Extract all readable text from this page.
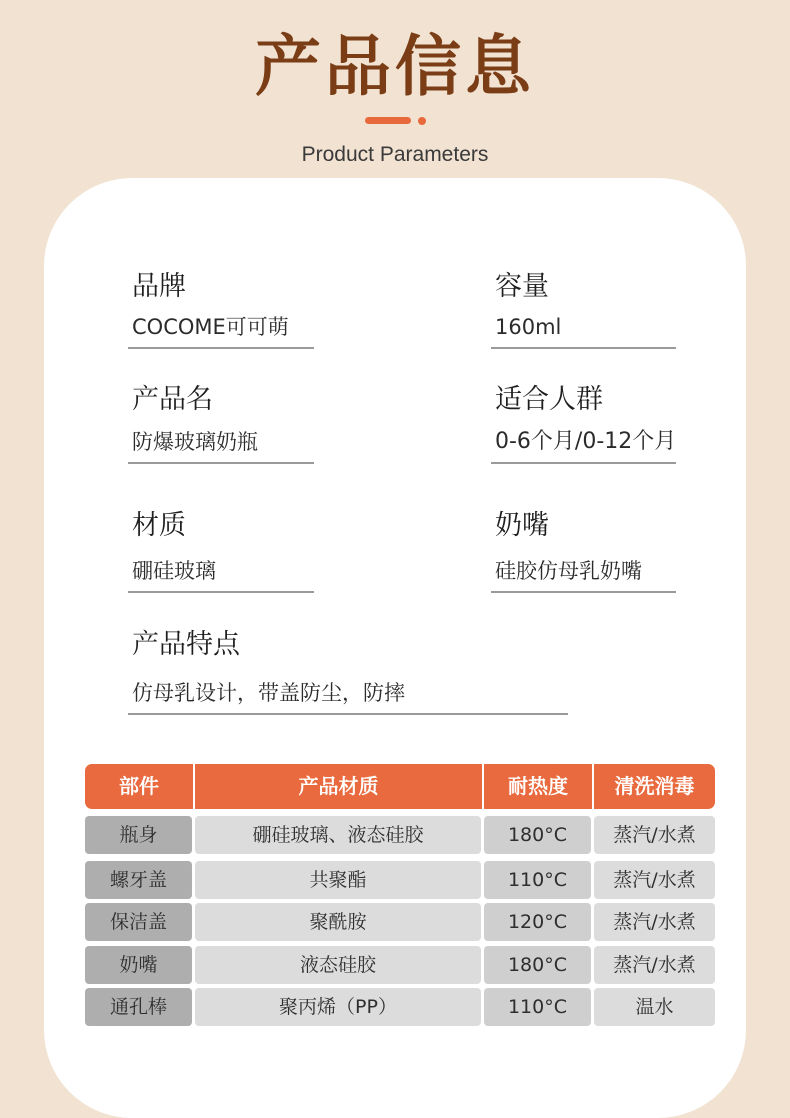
产品信息
Product Parameters
品牌
COCOME可可萌
容量
160ml
产品名
防爆玻璃奶瓶
适合人群
0-6个月/0-12个月
材质
硼硅玻璃
奶嘴
硅胶仿母乳奶嘴
产品特点
仿母乳设计，带盖防尘，防摔
部件	产品材质	耐热度	清洗消毒
瓶身	硼硅玻璃、液态硅胶	180°C	蒸汽/水煮
螺牙盖	共聚酯	110°C	蒸汽/水煮
保洁盖	聚酰胺	120°C	蒸汽/水煮
奶嘴	液态硅胶	180°C	蒸汽/水煮
通孔棒	聚丙烯（PP）	110°C	温水
